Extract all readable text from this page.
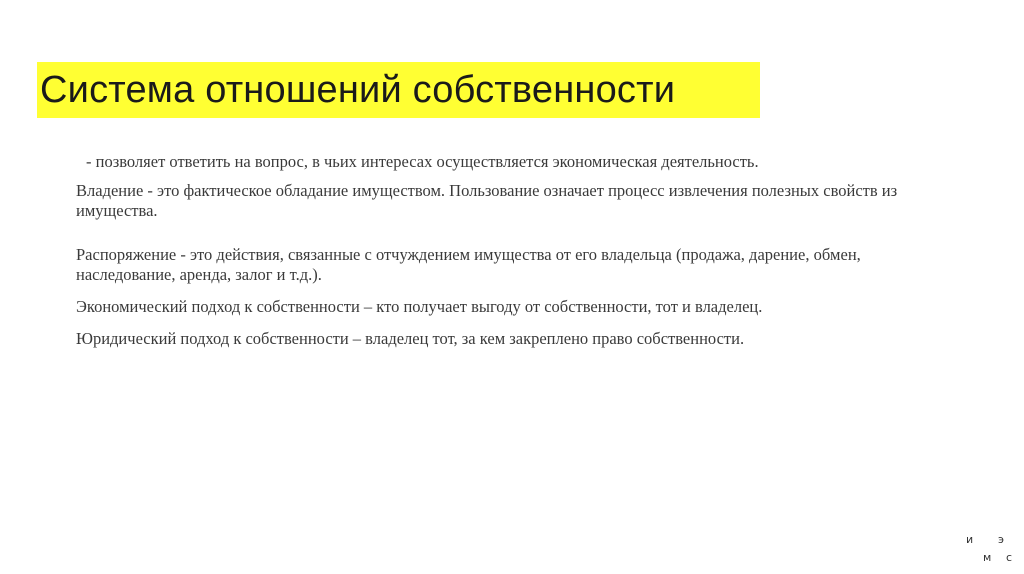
Система отношений собственности

- позволяет ответить на вопрос, в чьих интересах осуществляется экономическая деятельность.

Владение - это фактическое обладание имуществом. Пользование означает процесс извлечения полезных свойств из имущества.

Распоряжение - это действия, связанные с отчуждением имущества от его владельца (продажа, дарение, обмен, наследование, аренда, залог и т.д.).

Экономический подход к собственности – кто получает выгоду от собственности, тот и владелец.

Юридический подход к собственности – владелец тот, за кем закреплено право собственности.

и э
м с
